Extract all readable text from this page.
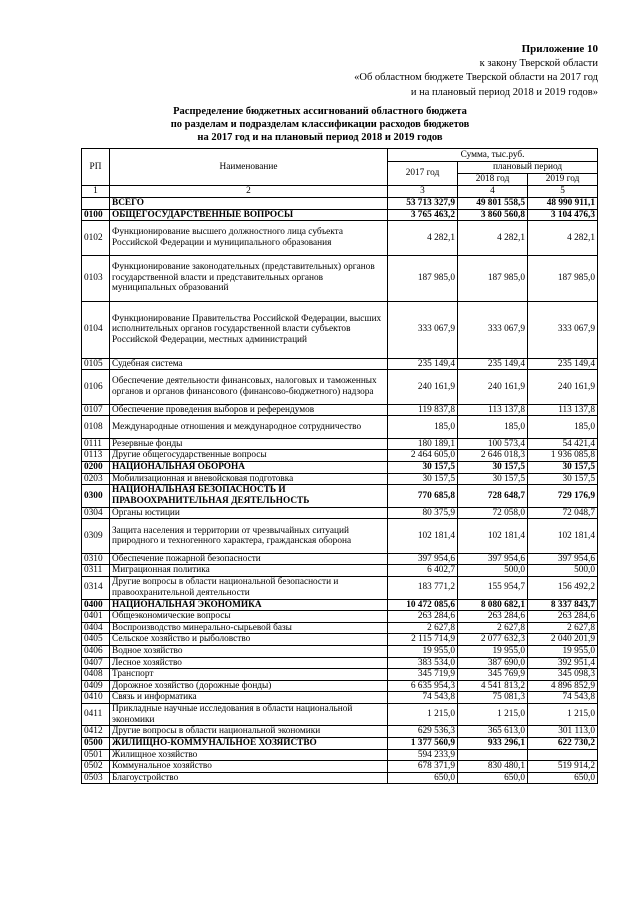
Приложение 10
к закону Тверской области
«Об областном бюджете Тверской области на 2017 год
и на плановый период 2018 и 2019 годов»
Распределение бюджетных ассигнований областного бюджета
по разделам и подразделам классификации расходов бюджетов
на 2017 год и на плановый период 2018 и 2019 годов
РП	Наименование	Сумма, тыс.руб.		
		2017 год	плановый период	
			2018 год	2019 год
1	2	3	4	5
	ВСЕГО	53 713 327,9	49 801 558,5	48 990 911,1
0100	ОБЩЕГОСУДАРСТВЕННЫЕ ВОПРОСЫ	3 765 463,2	3 860 560,8	3 104 476,3
0102	Функционирование высшего должностного лица субъекта Российской Федерации и муниципального образования	4 282,1	4 282,1	4 282,1
0103	Функционирование законодательных (представительных) органов государственной власти и представительных органов муниципальных образований	187 985,0	187 985,0	187 985,0
0104	Функционирование Правительства Российской Федерации, высших исполнительных органов государственной власти субъектов Российской Федерации, местных администраций	333 067,9	333 067,9	333 067,9
0105	Судебная система	235 149,4	235 149,4	235 149,4
0106	Обеспечение деятельности финансовых, налоговых и таможенных органов и органов финансового (финансово-бюджетного) надзора	240 161,9	240 161,9	240 161,9
0107	Обеспечение проведения выборов и референдумов	119 837,8	113 137,8	113 137,8
0108	Международные отношения и международное сотрудничество	185,0	185,0	185,0
0111	Резервные фонды	180 189,1	100 573,4	54 421,4
0113	Другие общегосударственные вопросы	2 464 605,0	2 646 018,3	1 936 085,8
0200	НАЦИОНАЛЬНАЯ ОБОРОНА	30 157,5	30 157,5	30 157,5
0203	Мобилизационная и вневойсковая подготовка	30 157,5	30 157,5	30 157,5
0300	НАЦИОНАЛЬНАЯ БЕЗОПАСНОСТЬ И ПРАВООХРАНИТЕЛЬНАЯ ДЕЯТЕЛЬНОСТЬ	770 685,8	728 648,7	729 176,9
0304	Органы юстиции	80 375,9	72 058,0	72 048,7
0309	Защита населения и территории от чрезвычайных ситуаций природного и техногенного характера, гражданская оборона	102 181,4	102 181,4	102 181,4
0310	Обеспечение пожарной безопасности	397 954,6	397 954,6	397 954,6
0311	Миграционная политика	6 402,7	500,0	500,0
0314	Другие вопросы в области национальной безопасности и правоохранительной деятельности	183 771,2	155 954,7	156 492,2
0400	НАЦИОНАЛЬНАЯ ЭКОНОМИКА	10 472 085,6	8 080 682,1	8 337 843,7
0401	Общеэкономические вопросы	263 284,6	263 284,6	263 284,6
0404	Воспроизводство минерально-сырьевой базы	2 627,8	2 627,8	2 627,8
0405	Сельское хозяйство и рыболовство	2 115 714,9	2 077 632,3	2 040 201,9
0406	Водное хозяйство	19 955,0	19 955,0	19 955,0
0407	Лесное хозяйство	383 534,0	387 690,0	392 951,4
0408	Транспорт	345 719,9	345 769,9	345 098,3
0409	Дорожное хозяйство (дорожные фонды)	6 635 954,3	4 541 813,2	4 896 852,9
0410	Связь и информатика	74 543,8	75 081,3	74 543,8
0411	Прикладные научные исследования в области национальной экономики	1 215,0	1 215,0	1 215,0
0412	Другие вопросы в области национальной экономики	629 536,3	365 613,0	301 113,0
0500	ЖИЛИЩНО-КОММУНАЛЬНОЕ ХОЗЯЙСТВО	1 377 560,9	933 296,1	622 730,2
0501	Жилищное хозяйство	594 233,9		
0502	Коммунальное хозяйство	678 371,9	830 480,1	519 914,2
0503	Благоустройство	650,0	650,0	650,0
